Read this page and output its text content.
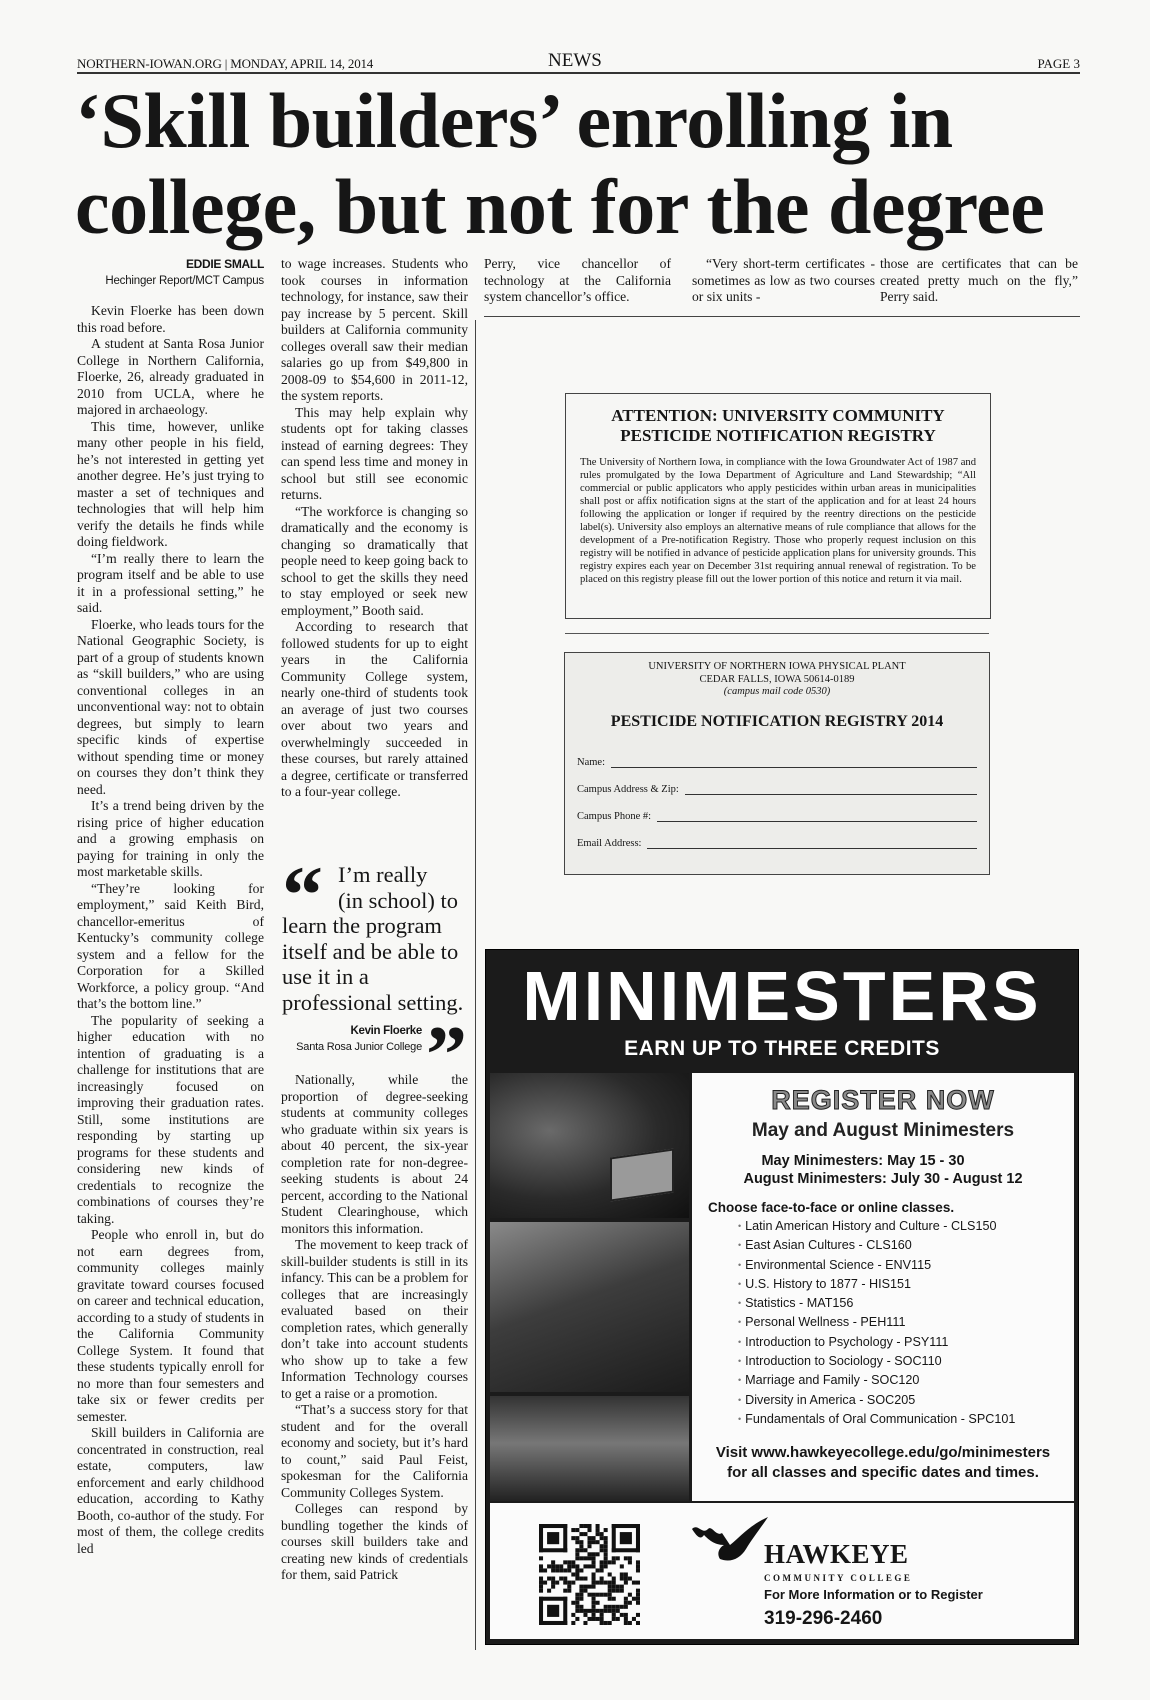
NORTHERN-IOWAN.ORG | MONDAY, APRIL 14, 2014	NEWS	PAGE 3
‘Skill builders’ enrolling in
college, but not for the degree
EDDIE SMALL
Hechinger Report/MCT Campus

Kevin Floerke has been down this road before.

A student at Santa Rosa Junior College in Northern California, Floerke, 26, already graduated in 2010 from UCLA, where he majored in archaeology.

This time, however, unlike many other people in his field, he’s not interested in getting yet another degree. He’s just trying to master a set of techniques and technologies that will help him verify the details he finds while doing fieldwork.

“I’m really there to learn the program itself and be able to use it in a professional setting,” he said.

Floerke, who leads tours for the National Geographic Society, is part of a group of students known as “skill builders,” who are using conventional colleges in an unconventional way: not to obtain degrees, but simply to learn specific kinds of expertise without spending time or money on courses they don’t think they need.

It’s a trend being driven by the rising price of higher education and a growing emphasis on paying for training in only the most marketable skills.

“They’re looking for employment,” said Keith Bird, chancellor-emeritus of Kentucky’s community college system and a fellow for the Corporation for a Skilled Workforce, a policy group. “And that’s the bottom line.”

The popularity of seeking a higher education with no intention of graduating is a challenge for institutions that are increasingly focused on improving their graduation rates. Still, some institutions are responding by starting up programs for these students and considering new kinds of credentials to recognize the combinations of courses they’re taking.

People who enroll in, but do not earn degrees from, community colleges mainly gravitate toward courses focused on career and technical education, according to a study of students in the California Community College System. It found that these students typically enroll for no more than four semesters and take six or fewer credits per semester.

Skill builders in California are concentrated in construction, real estate, computers, law enforcement and early childhood education, according to Kathy Booth, co-author of the study. For most of them, the college credits led

to wage increases. Students who took courses in information technology, for instance, saw their pay increase by 5 percent. Skill builders at California community colleges overall saw their median salaries go up from $49,800 in 2008-09 to $54,600 in 2011-12, the system reports.

This may help explain why students opt for taking classes instead of earning degrees: They can spend less time and money in school but still see economic returns.

“The workforce is changing so dramatically and the economy is changing so dramatically that people need to keep going back to school to get the skills they need to stay employed or seek new employment,” Booth said.

According to research that followed students for up to eight years in the California Community College system, nearly one-third of students took an average of just two courses over about two years and overwhelmingly succeeded in these courses, but rarely attained a degree, certificate or transferred to a four-year college.

“ I’m really
(in school) to
learn the program itself and be able to use it in a professional setting.
Kevin Floerke
Santa Rosa Junior College ”

Nationally, while the proportion of degree-seeking students at community colleges who graduate within six years is about 40 percent, the six-year completion rate for non-degree-seeking students is about 24 percent, according to the National Student Clearinghouse, which monitors this information.

The movement to keep track of skill-builder students is still in its infancy. This can be a problem for colleges that are increasingly evaluated based on their completion rates, which generally don’t take into account students who show up to take a few Information Technology courses to get a raise or a promotion.

“That’s a success story for that student and for the overall economy and society, but it’s hard to count,” said Paul Feist, spokesman for the California Community Colleges System.

Colleges can respond by bundling together the kinds of courses skill builders take and creating new kinds of credentials for them, said Patrick

Perry, vice chancellor of technology at the California system chancellor’s office.

“Very short-term certificates - sometimes as low as two courses or six units -

those are certificates that can be created pretty much on the fly,” Perry said.

ATTENTION: UNIVERSITY COMMUNITY
PESTICIDE NOTIFICATION REGISTRY
The University of Northern Iowa, in compliance with the Iowa Groundwater Act of 1987 and rules promulgated by the Iowa Department of Agriculture and Land Stewardship; “All commercial or public applicators who apply pesticides within urban areas in municipalities shall post or affix notification signs at the start of the application and for at least 24 hours following the application or longer if required by the reentry directions on the pesticide label(s). University also employs an alternative means of rule compliance that allows for the development of a Pre-notification Registry. Those who properly request inclusion on this registry will be notified in advance of pesticide application plans for university grounds. This registry expires each year on December 31st requiring annual renewal of registration. To be placed on this registry please fill out the lower portion of this notice and return it via mail.
UNIVERSITY OF NORTHERN IOWA PHYSICAL PLANT
CEDAR FALLS, IOWA 50614-0189
(campus mail code 0530)
PESTICIDE NOTIFICATION REGISTRY 2014
Name:
Campus Address & Zip:
Campus Phone #:
Email Address:
MINIMESTERS
EARN UP TO THREE CREDITS
REGISTER NOW
May and August Minimesters
May Minimesters: May 15 - 30
August Minimesters: July 30 - August 12
Choose face-to-face or online classes.
• Latin American History and Culture - CLS150
• East Asian Cultures - CLS160
• Environmental Science - ENV115
• U.S. History to 1877 - HIS151
• Statistics - MAT156
• Personal Wellness - PEH111
• Introduction to Psychology - PSY111
• Introduction to Sociology - SOC110
• Marriage and Family - SOC120
• Diversity in America - SOC205
• Fundamentals of Oral Communication - SPC101
Visit www.hawkeyecollege.edu/go/minimesters
for all classes and specific dates and times.
HAWKEYE
COMMUNITY COLLEGE
For More Information or to Register
319-296-2460
